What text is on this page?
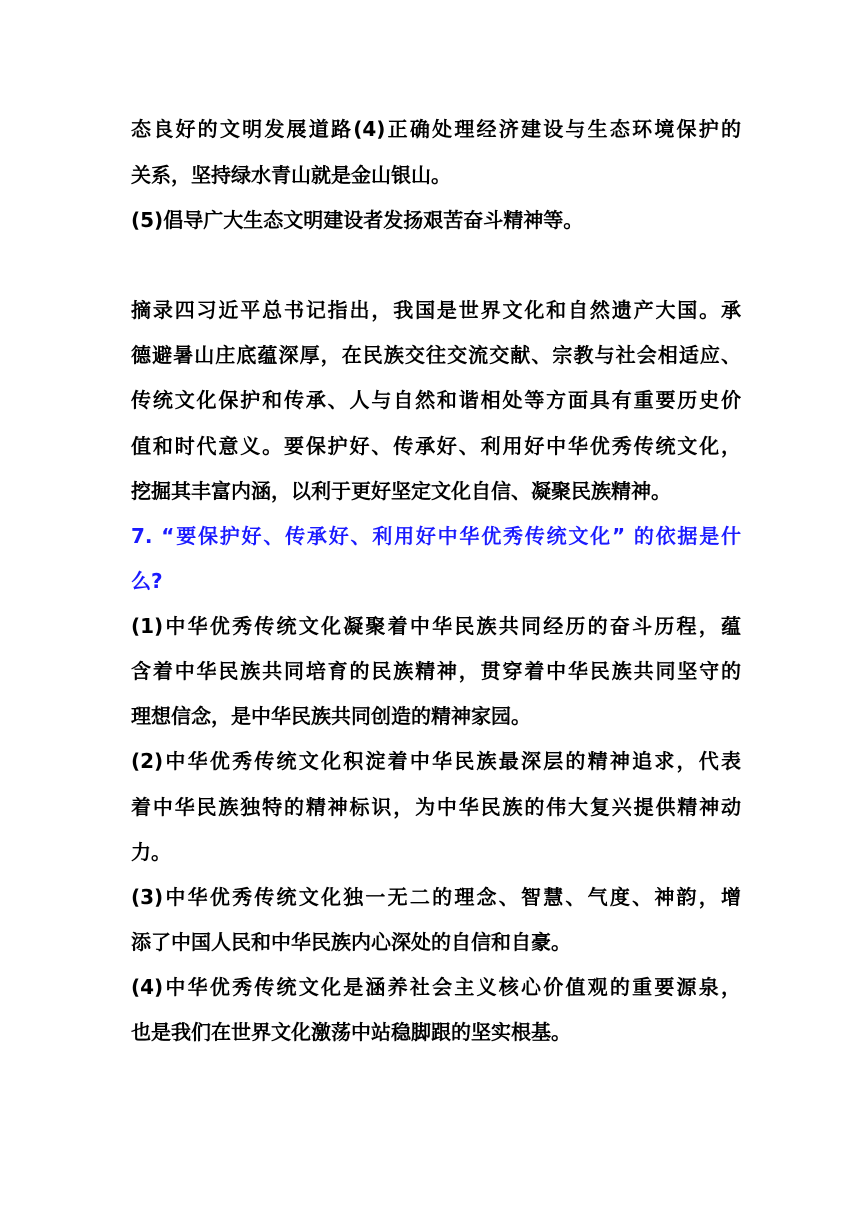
态良好的文明发展道路(4)正确处理经济建设与生态环境保护的
关系，坚持绿水青山就是金山银山。
(5)倡导广大生态文明建设者发扬艰苦奋斗精神等。
摘录四习近平总书记指出，我国是世界文化和自然遗产大国。承
德避暑山庄底蕴深厚，在民族交往交流交献、宗教与社会相适应、
传统文化保护和传承、人与自然和谐相处等方面具有重要历史价
值和时代意义。要保护好、传承好、利用好中华优秀传统文化，
挖掘其丰富内涵，以利于更好坚定文化自信、凝聚民族精神。
7. “要保护好、传承好、利用好中华优秀传统文化” 的依据是什
么?
(1)中华优秀传统文化凝聚着中华民族共同经历的奋斗历程，蕴
含着中华民族共同培育的民族精神，贯穿着中华民族共同坚守的
理想信念，是中华民族共同创造的精神家园。
(2)中华优秀传统文化积淀着中华民族最深层的精神追求，代表
着中华民族独特的精神标识，为中华民族的伟大复兴提供精神动
力。
(3)中华优秀传统文化独一无二的理念、智慧、气度、神韵，增
添了中国人民和中华民族内心深处的自信和自豪。
(4)中华优秀传统文化是涵养社会主义核心价值观的重要源泉，
也是我们在世界文化激荡中站稳脚跟的坚实根基。
